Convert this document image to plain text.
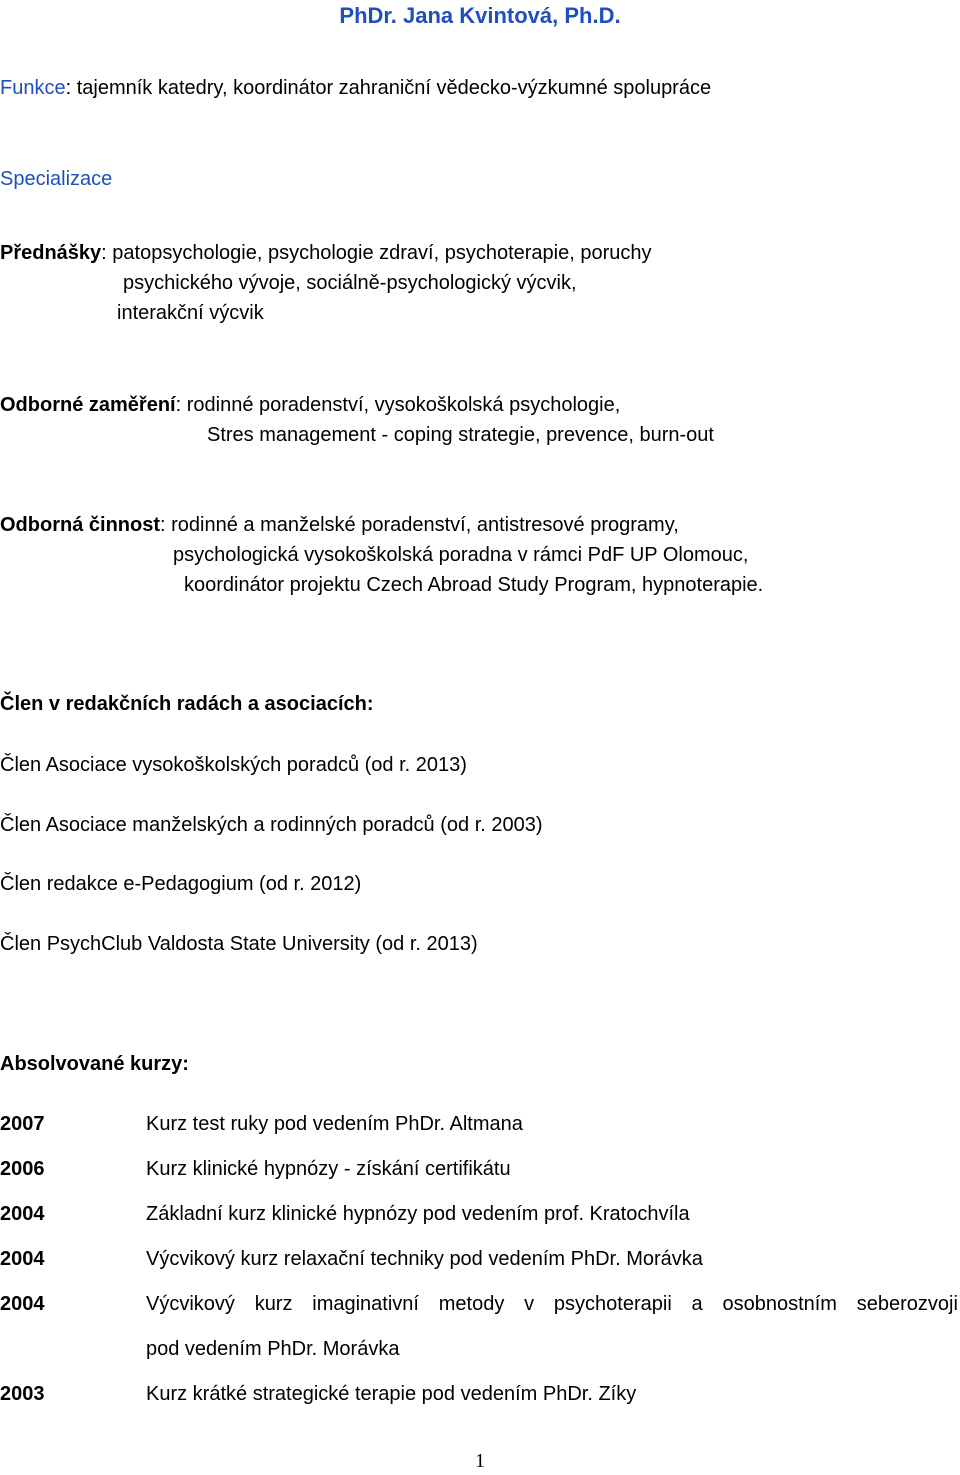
PhDr. Jana Kvintová, Ph.D.
Funkce: tajemník katedry, koordinátor zahraniční vědecko-výzkumné spolupráce
Specializace
Přednášky: patopsychologie, psychologie zdraví, psychoterapie, poruchy
psychického vývoje, sociálně-psychologický výcvik,
interakční výcvik
Odborné zaměření: rodinné poradenství, vysokoškolská psychologie,
Stres management - coping strategie, prevence, burn-out
Odborná činnost: rodinné a manželské poradenství, antistresové programy,
psychologická vysokoškolská poradna v rámci PdF UP Olomouc,
koordinátor projektu Czech Abroad Study Program, hypnoterapie.
Člen v redakčních radách a asociacích:
Člen Asociace vysokoškolských poradců (od r. 2013)
Člen Asociace manželských a rodinných poradců (od r. 2003)
Člen redakce e-Pedagogium (od r. 2012)
Člen PsychClub Valdosta State University (od r. 2013)
Absolvované kurzy:
2007	Kurz test ruky pod vedením PhDr. Altmana
2006	Kurz klinické hypnózy - získání certifikátu
2004	Základní kurz klinické hypnózy pod vedením prof. Kratochvíla
2004	Výcvikový kurz relaxační techniky pod vedením PhDr. Morávka
2004	Výcvikový kurz imaginativní metody v psychoterapii a osobnostním seberozvoji
pod vedením PhDr. Morávka
2003	Kurz krátké strategické terapie pod vedením PhDr. Zíky
1
